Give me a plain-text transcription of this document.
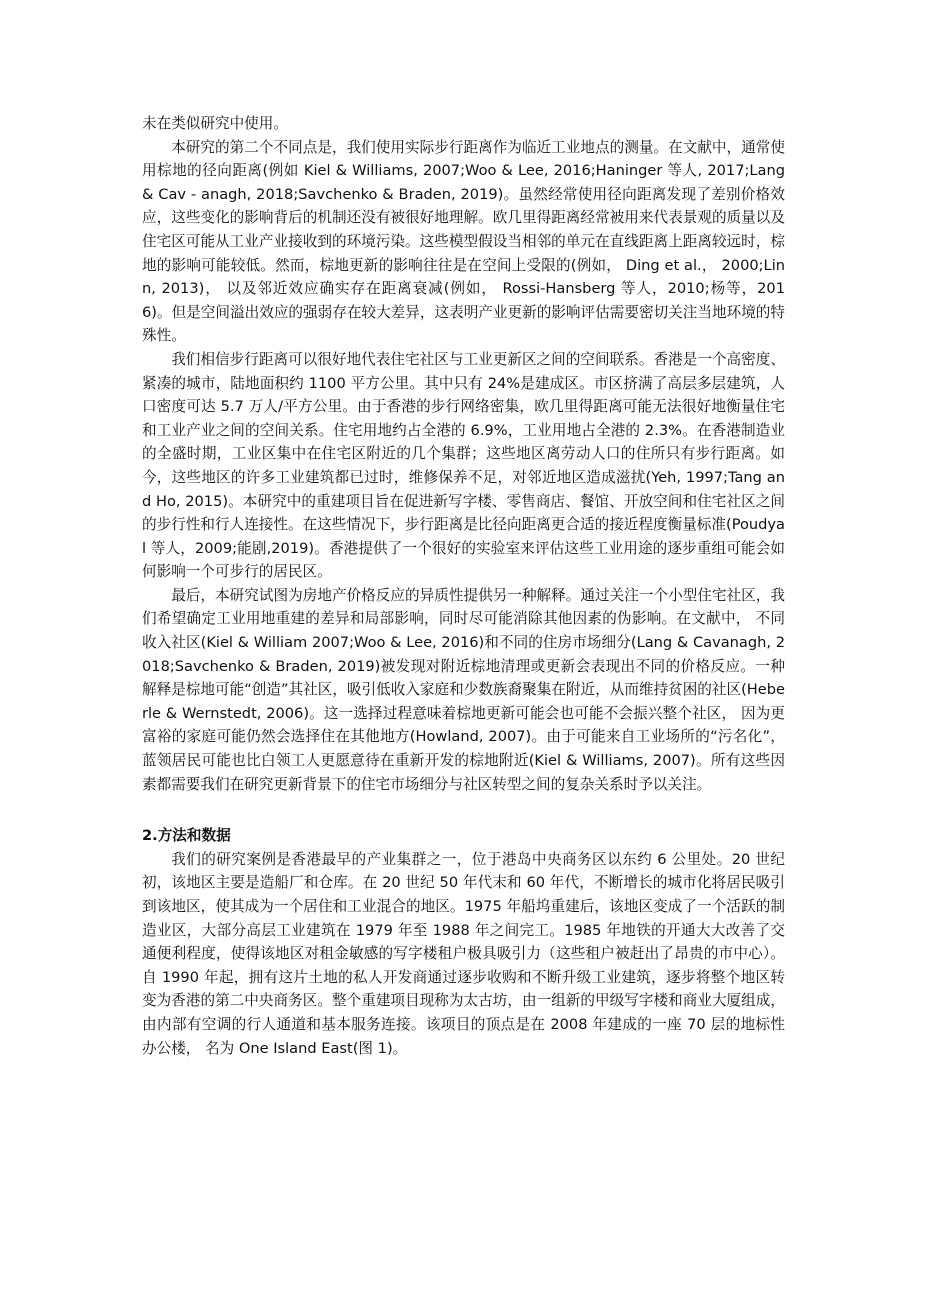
未在类似研究中使用。

本研究的第二个不同点是，我们使用实际步行距离作为临近工业地点的测量。在文献中，通常使用棕地的径向距离(例如 Kiel & Williams, 2007;Woo & Lee, 2016;Haninger 等人, 2017;Lang & Cav - anagh, 2018;Savchenko & Braden, 2019)。虽然经常使用径向距离发现了差别价格效应，这些变化的影响背后的机制还没有被很好地理解。欧几里得距离经常被用来代表景观的质量以及住宅区可能从工业产业接收到的环境污染。这些模型假设当相邻的单元在直线距离上距离较远时，棕地的影响可能较低。然而，棕地更新的影响往往是在空间上受限的(例如， Ding et al.， 2000;Linn, 2013)， 以及邻近效应确实存在距离衰减(例如， Rossi-Hansberg 等人，2010;杨等，2016)。但是空间溢出效应的强弱存在较大差异，这表明产业更新的影响评估需要密切关注当地环境的特殊性。

我们相信步行距离可以很好地代表住宅社区与工业更新区之间的空间联系。香港是一个高密度、紧凑的城市，陆地面积约 1100 平方公里。其中只有 24%是建成区。市区挤满了高层多层建筑，人口密度可达 5.7 万人/平方公里。由于香港的步行网络密集，欧几里得距离可能无法很好地衡量住宅和工业产业之间的空间关系。住宅用地约占全港的 6.9%，工业用地占全港的 2.3%。在香港制造业的全盛时期，工业区集中在住宅区附近的几个集群；这些地区离劳动人口的住所只有步行距离。如今，这些地区的许多工业建筑都已过时，维修保养不足，对邻近地区造成滋扰(Yeh, 1997;Tang and Ho, 2015)。本研究中的重建项目旨在促进新写字楼、零售商店、餐馆、开放空间和住宅社区之间的步行性和行人连接性。在这些情况下，步行距离是比径向距离更合适的接近程度衡量标准(Poudyal 等人，2009;能剧,2019)。香港提供了一个很好的实验室来评估这些工业用途的逐步重组可能会如何影响一个可步行的居民区。

最后，本研究试图为房地产价格反应的异质性提供另一种解释。通过关注一个小型住宅社区，我们希望确定工业用地重建的差异和局部影响，同时尽可能消除其他因素的伪影响。在文献中， 不同收入社区(Kiel & William 2007;Woo & Lee, 2016)和不同的住房市场细分(Lang & Cavanagh, 2018;Savchenko & Braden, 2019)被发现对附近棕地清理或更新会表现出不同的价格反应。一种解释是棕地可能“创造”其社区，吸引低收入家庭和少数族裔聚集在附近，从而维持贫困的社区(Heberle & Wernstedt, 2006)。这一选择过程意味着棕地更新可能会也可能不会振兴整个社区， 因为更富裕的家庭可能仍然会选择住在其他地方(Howland, 2007)。由于可能来自工业场所的“污名化”，蓝领居民可能也比白领工人更愿意待在重新开发的棕地附近(Kiel & Williams, 2007)。所有这些因素都需要我们在研究更新背景下的住宅市场细分与社区转型之间的复杂关系时予以关注。

2.方法和数据

我们的研究案例是香港最早的产业集群之一，位于港岛中央商务区以东约 6 公里处。20 世纪初，该地区主要是造船厂和仓库。在 20 世纪 50 年代末和 60 年代，不断增长的城市化将居民吸引到该地区，使其成为一个居住和工业混合的地区。1975 年船坞重建后，该地区变成了一个活跃的制造业区，大部分高层工业建筑在 1979 年至 1988 年之间完工。1985 年地铁的开通大大改善了交通便利程度，使得该地区对租金敏感的写字楼租户极具吸引力（这些租户被赶出了昂贵的市中心）。自 1990 年起，拥有这片土地的私人开发商通过逐步收购和不断升级工业建筑，逐步将整个地区转变为香港的第二中央商务区。整个重建项目现称为太古坊，由一组新的甲级写字楼和商业大厦组成，由内部有空调的行人通道和基本服务连接。该项目的顶点是在 2008 年建成的一座 70 层的地标性办公楼， 名为 One Island East(图 1)。
